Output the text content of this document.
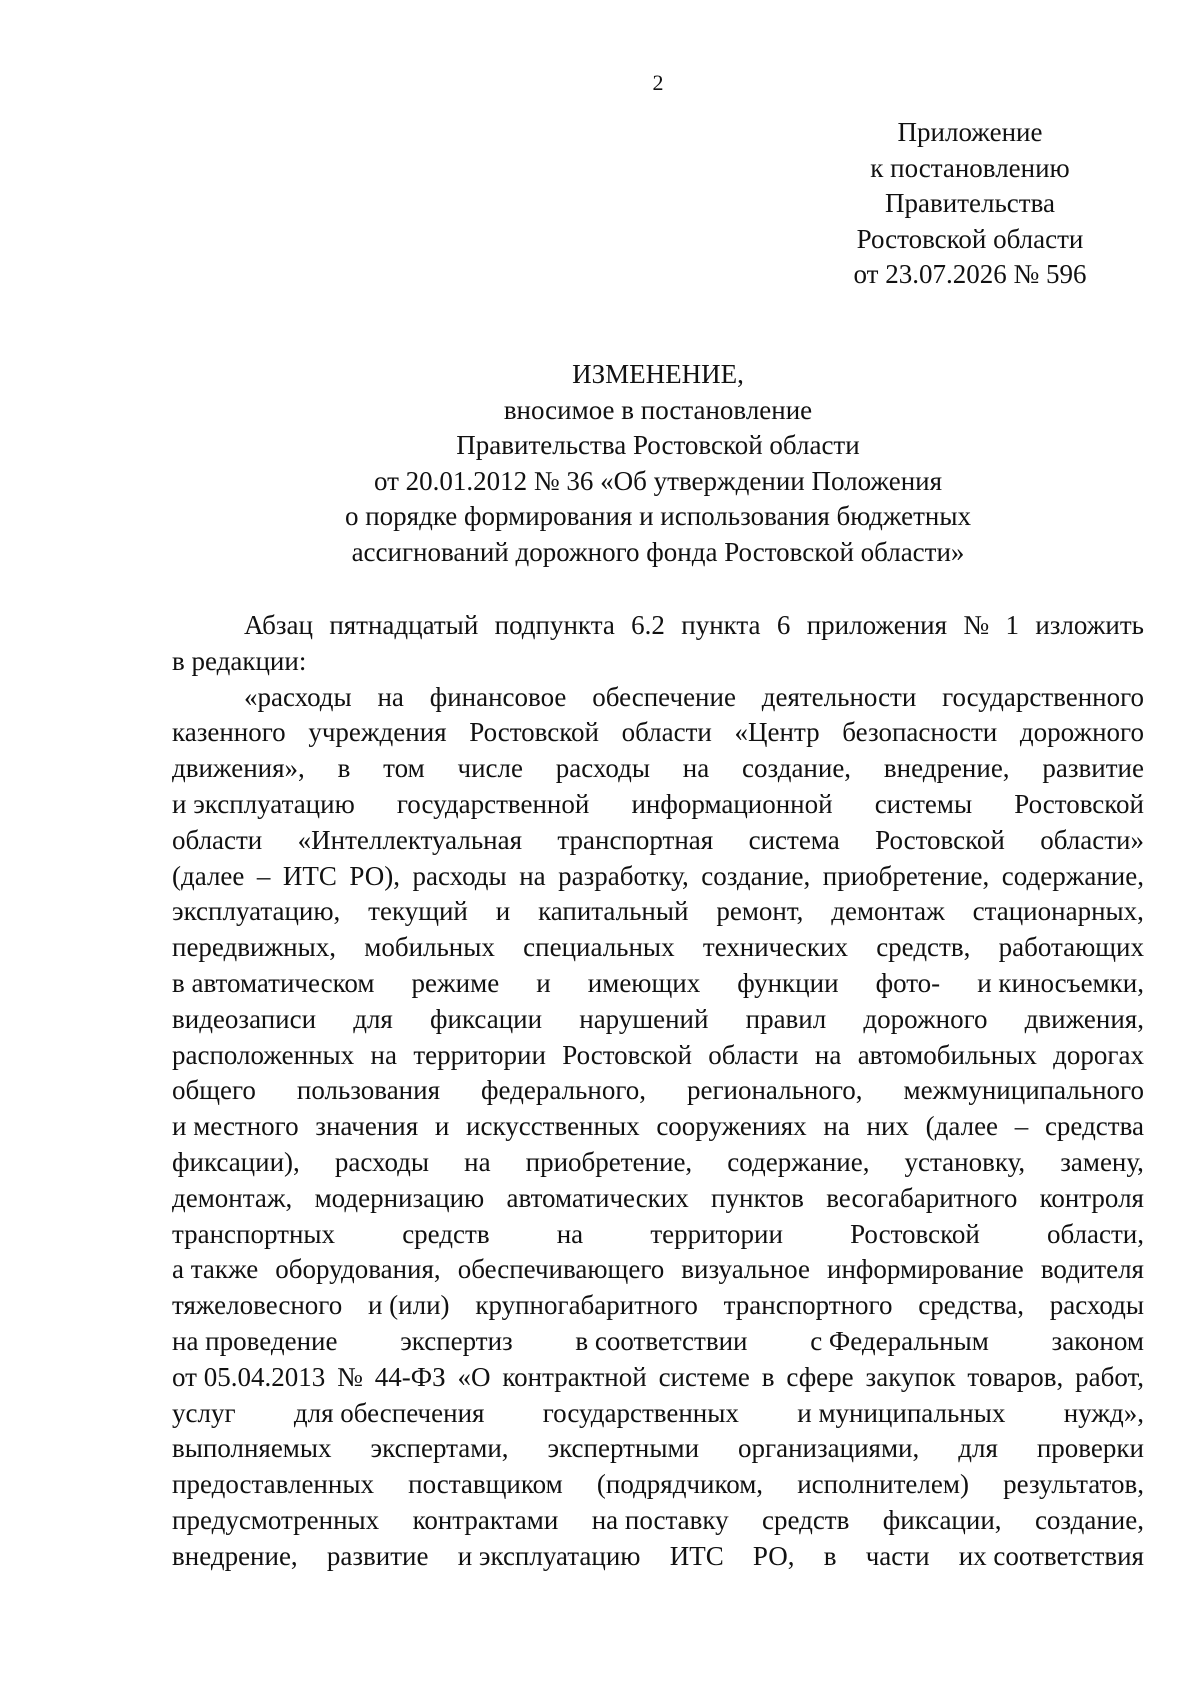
2
Приложение
к постановлению
Правительства
Ростовской области
от 23.07.2026 № 596
ИЗМЕНЕНИЕ,
вносимое в постановление
Правительства Ростовской области
от 20.01.2012 № 36 «Об утверждении Положения
о порядке формирования и использования бюджетных
ассигнований дорожного фонда Ростовской области»
Абзац пятнадцатый подпункта 6.2 пункта 6 приложения № 1 изложить
в редакции:
«расходы на финансовое обеспечение деятельности государственного
казенного учреждения Ростовской области «Центр безопасности дорожного
движения», в том числе расходы на создание, внедрение, развитие
и эксплуатацию государственной информационной системы Ростовской
области «Интеллектуальная транспортная система Ростовской области»
(далее – ИТС РО), расходы на разработку, создание, приобретение, содержание,
эксплуатацию, текущий и капитальный ремонт, демонтаж стационарных,
передвижных, мобильных специальных технических средств, работающих
в автоматическом режиме и имеющих функции фото- и киносъемки,
видеозаписи для фиксации нарушений правил дорожного движения,
расположенных на территории Ростовской области на автомобильных дорогах
общего пользования федерального, регионального, межмуниципального
и местного значения и искусственных сооружениях на них (далее – средства
фиксации), расходы на приобретение, содержание, установку, замену,
демонтаж, модернизацию автоматических пунктов весогабаритного контроля
транспортных средств на территории Ростовской области,
а также оборудования, обеспечивающего визуальное информирование водителя
тяжеловесного и (или) крупногабаритного транспортного средства, расходы
на проведение экспертиз в соответствии с Федеральным законом
от 05.04.2013 № 44-ФЗ «О контрактной системе в сфере закупок товаров, работ,
услуг для обеспечения государственных и муниципальных нужд»,
выполняемых экспертами, экспертными организациями, для проверки
предоставленных поставщиком (подрядчиком, исполнителем) результатов,
предусмотренных контрактами на поставку средств фиксации, создание,
внедрение, развитие и эксплуатацию ИТС РО, в части их соответствия
